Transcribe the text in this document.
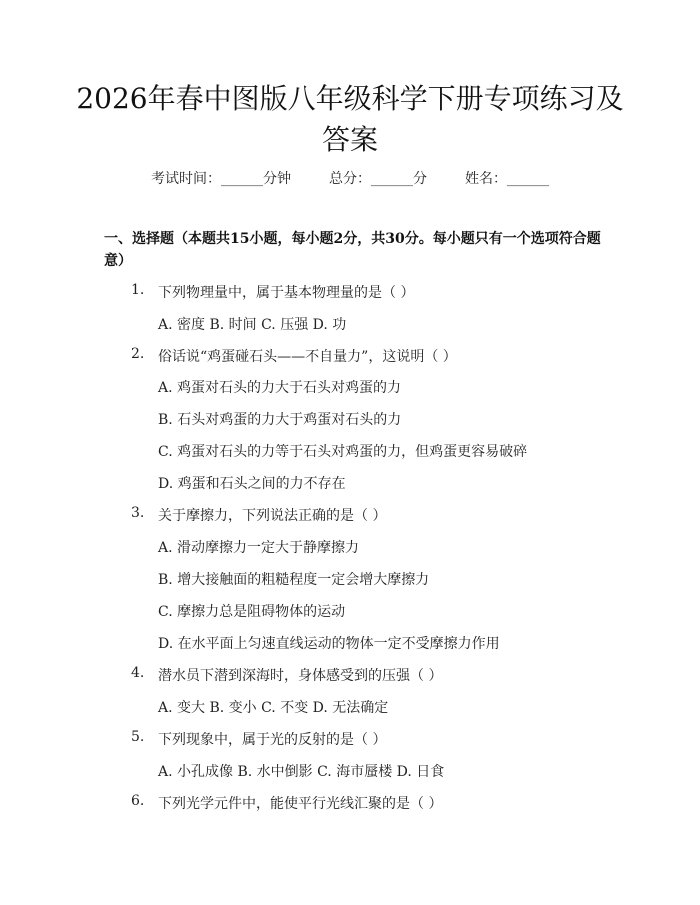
2026年春中图版八年级科学下册专项练习及答案
考试时间：______分钟	总分：______分	姓名：______
一、选择题（本题共15小题，每小题2分，共30分。每小题只有一个选项符合题意）
1. 下列物理量中，属于基本物理量的是（ ）
A. 密度 B. 时间 C. 压强 D. 功
2. 俗话说“鸡蛋碰石头——不自量力”，这说明（ ）
A. 鸡蛋对石头的力大于石头对鸡蛋的力
B. 石头对鸡蛋的力大于鸡蛋对石头的力
C. 鸡蛋对石头的力等于石头对鸡蛋的力，但鸡蛋更容易破碎
D. 鸡蛋和石头之间的力不存在
3. 关于摩擦力，下列说法正确的是（ ）
A. 滑动摩擦力一定大于静摩擦力
B. 增大接触面的粗糙程度一定会增大摩擦力
C. 摩擦力总是阻碍物体的运动
D. 在水平面上匀速直线运动的物体一定不受摩擦力作用
4. 潜水员下潜到深海时，身体感受到的压强（ ）
A. 变大 B. 变小 C. 不变 D. 无法确定
5. 下列现象中，属于光的反射的是（ ）
A. 小孔成像 B. 水中倒影 C. 海市蜃楼 D. 日食
6. 下列光学元件中，能使平行光线汇聚的是（ ）
